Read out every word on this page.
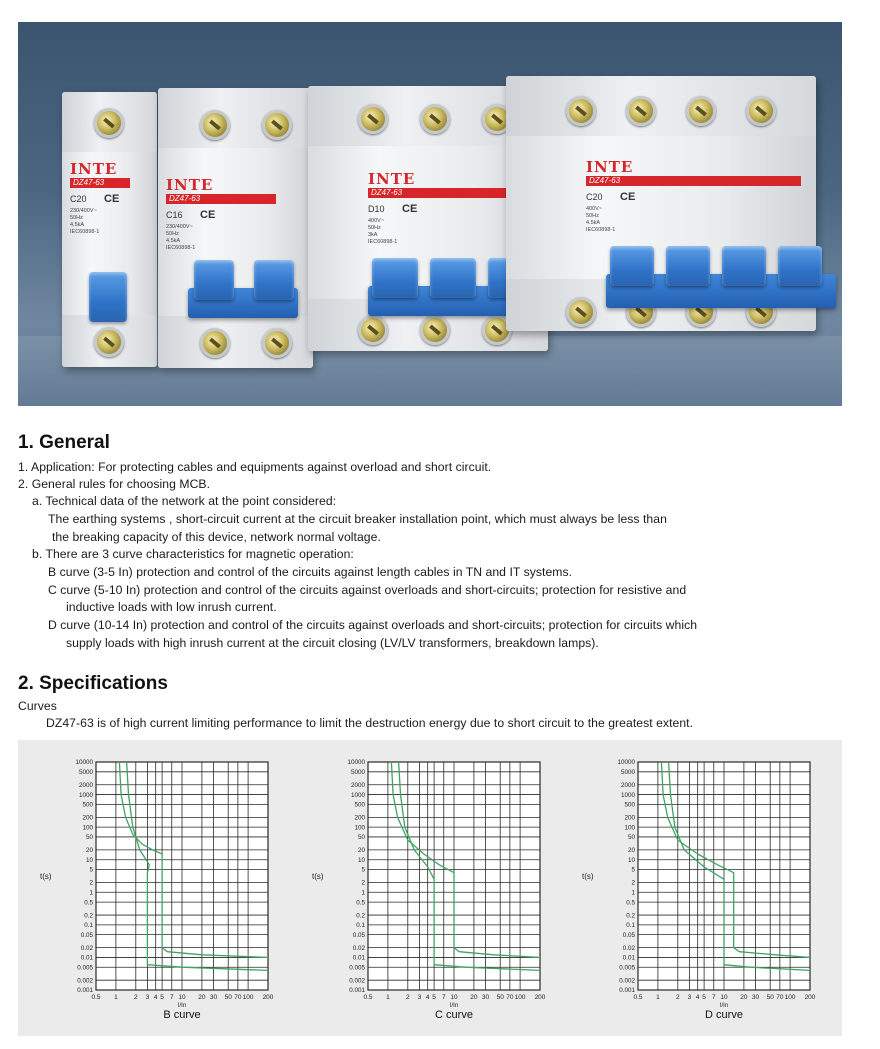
INTE
DZ47-63
C20 CE
230/400V~
50Hz
4.5kA
IEC60898-1
INTE
DZ47-63
C16 CE
230/400V~
50Hz
4.5kA
IEC60898-1
INTE
DZ47-63
D10 CE
400V~
50Hz
3kA
IEC60898-1
INTE
DZ47-63
C20 CE
400V~
50Hz
4.5kA
IEC60898-1
1. General
1. Application: For protecting cables and equipments against overload and short circuit.
2. General rules for choosing MCB.
a. Technical data of the network at the point considered:
The earthing systems , short-circuit current at the circuit breaker installation point, which must always be less than
the breaking capacity of this device, network normal voltage.
b. There are 3 curve characteristics for magnetic operation:
B curve (3-5 In) protection and control of the circuits against length cables in TN and IT systems.
C curve (5-10 In) protection and control of the circuits against overloads and short-circuits; protection for resistive and
inductive loads with low inrush current.
D curve (10-14 In) protection and control of the circuits against overloads and short-circuits; protection for circuits which
supply loads with high inrush current at the circuit closing (LV/LV transformers, breakdown lamps).
2. Specifications
Curves
DZ47-63 is of high current limiting performance to limit the destruction energy due to short circuit to the greatest extent.
0.5 1	2 3 4 5 7 10 20 30 50 70 100 200
10000
5000
2000
1000
500
200
100
50
20
10
5
2
1
0.5
0.2
0.1
0.05
0.02
0.01
0.005
0.002
0.001
t(s)
I/In
B curve
0.5 1	2 3 4 5 7 10 20 30 50 70 100 200
10000
5000
2000
1000
500
200
100
50
20
10
5
2
1
0.5
0.2
0.1
0.05
0.02
0.01
0.005
0.002
0.001
t(s)
I/In
C curve
0.5 1	2 3 4 5 7 10 20 30 50 70 100 200
10000
5000
2000
1000
500
200
100
50
20
10
5
2
1
0.5
0.2
0.1
0.05
0.02
0.01
0.005
0.002
0.001
t(s)
I/In
D curve
